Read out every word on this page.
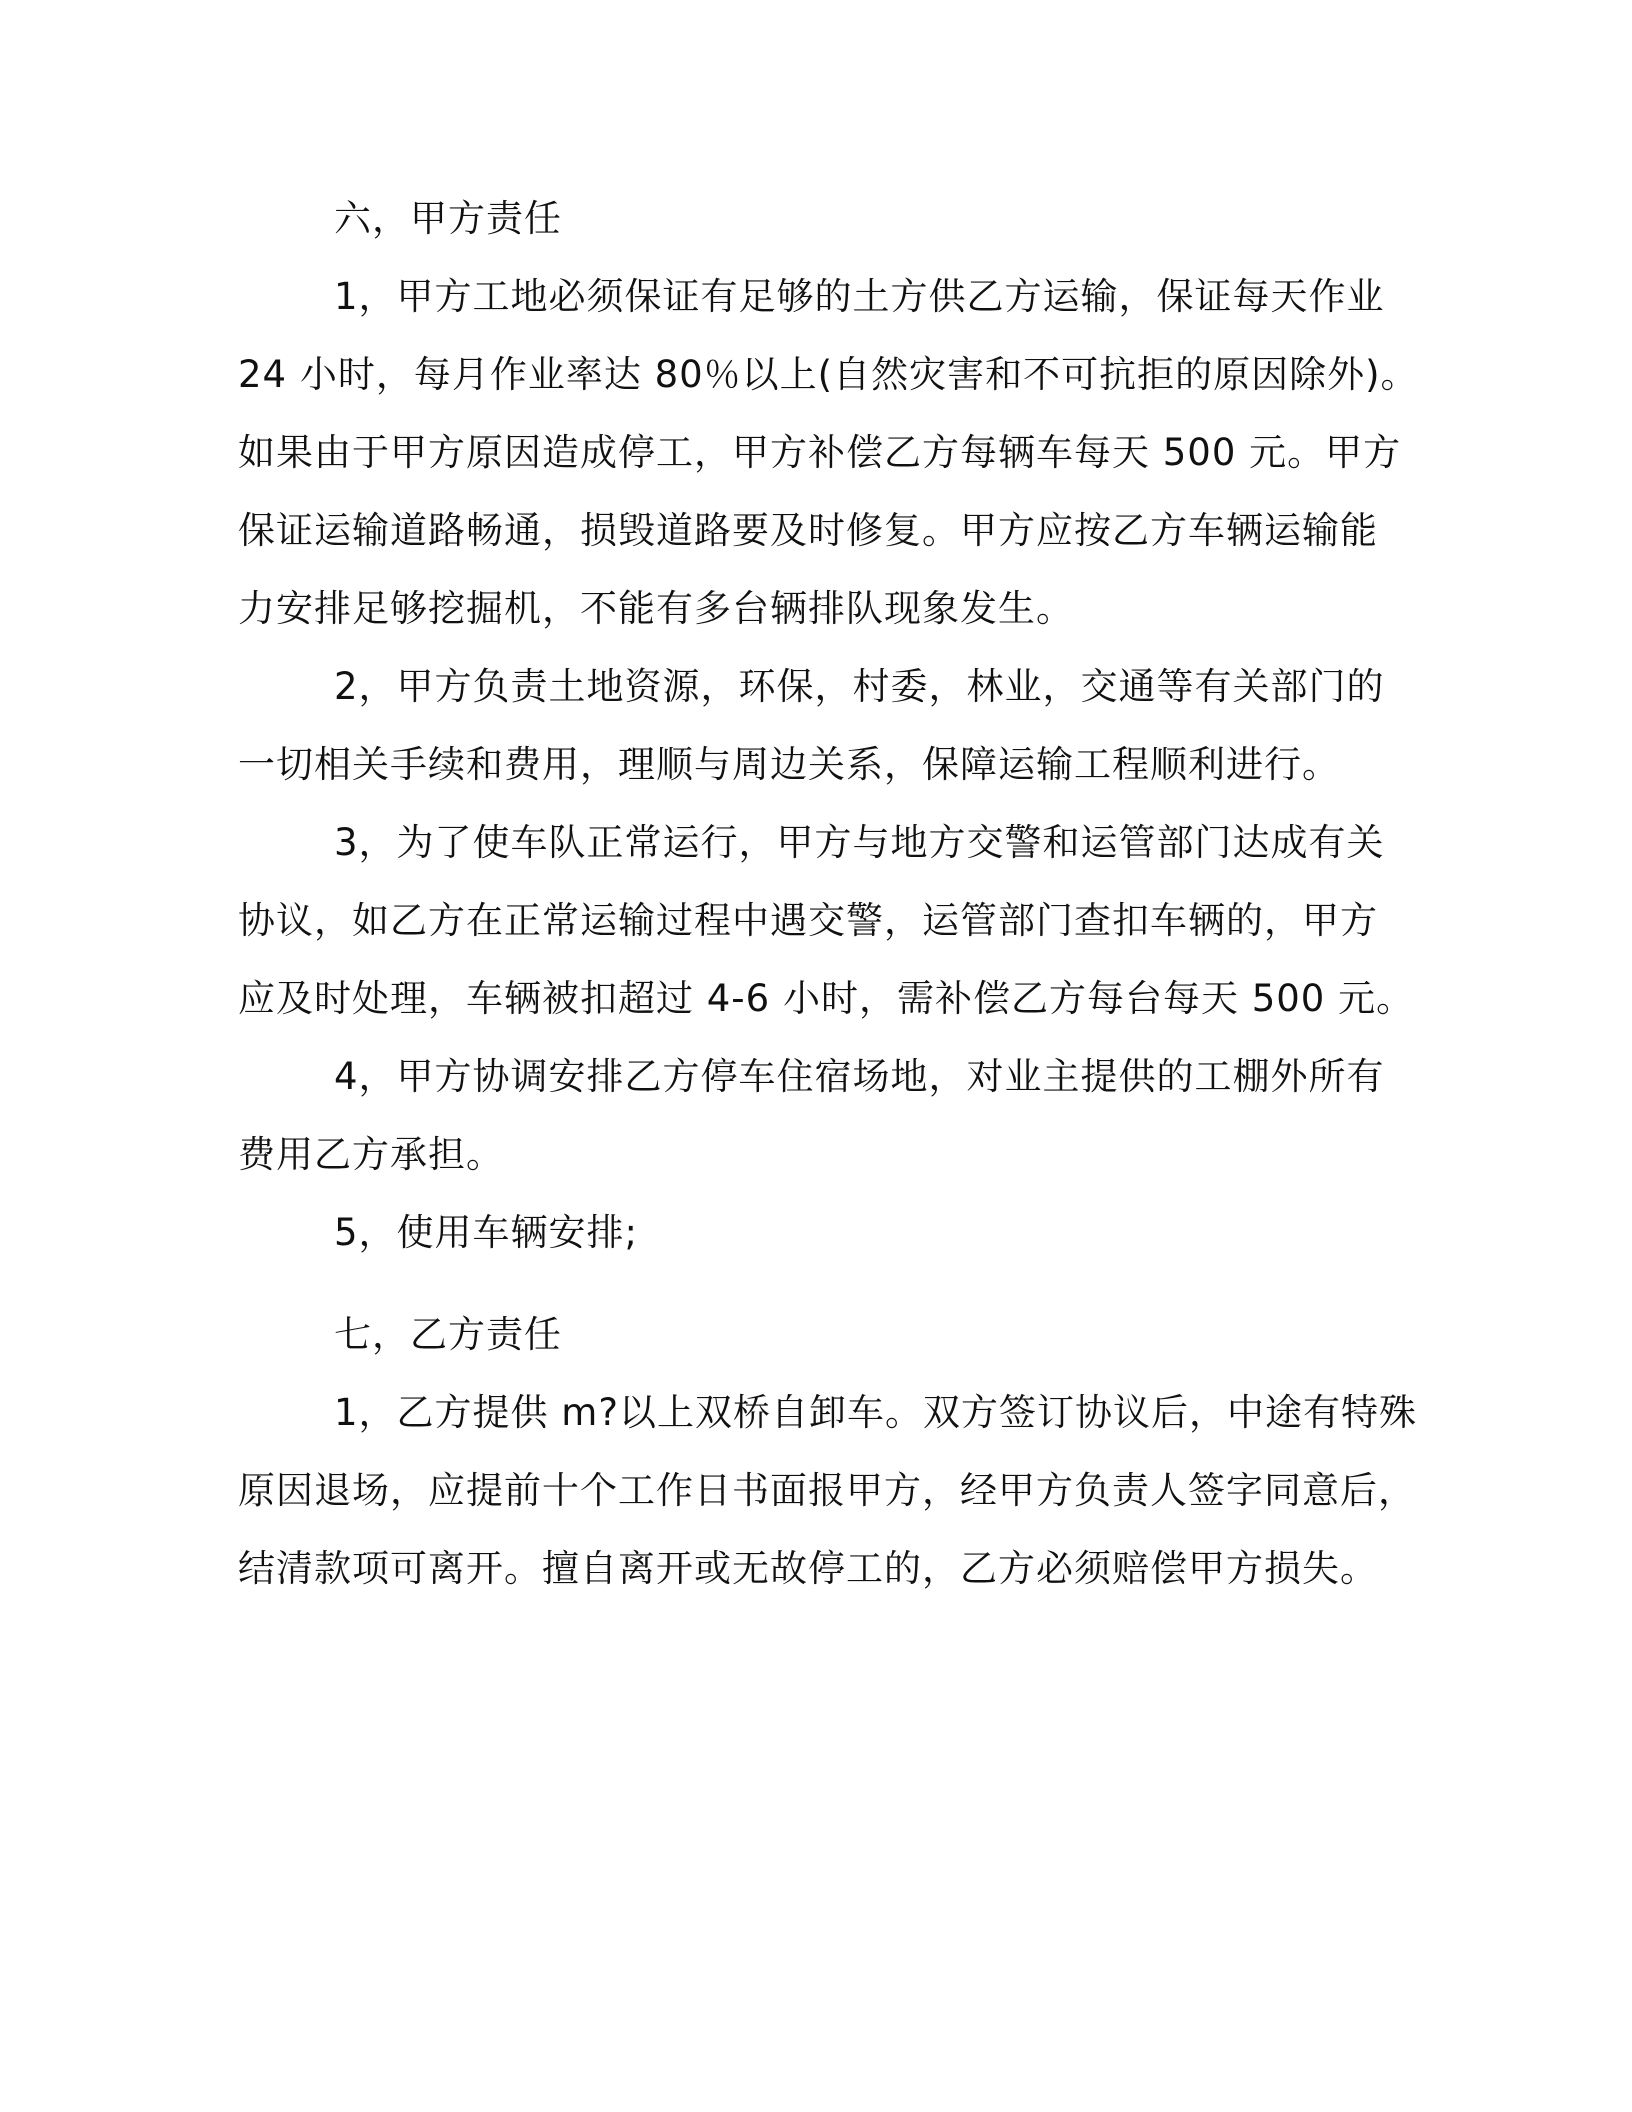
六，甲方责任
1，甲方工地必须保证有足够的土方供乙方运输，保证每天作业
24 小时，每月作业率达 80％以上(自然灾害和不可抗拒的原因除外)。
如果由于甲方原因造成停工，甲方补偿乙方每辆车每天 500 元。甲方
保证运输道路畅通，损毁道路要及时修复。甲方应按乙方车辆运输能
力安排足够挖掘机，不能有多台辆排队现象发生。
2，甲方负责土地资源，环保，村委，林业，交通等有关部门的
一切相关手续和费用，理顺与周边关系，保障运输工程顺利进行。
3，为了使车队正常运行，甲方与地方交警和运管部门达成有关
协议，如乙方在正常运输过程中遇交警，运管部门查扣车辆的，甲方
应及时处理，车辆被扣超过 4-6 小时，需补偿乙方每台每天 500 元。
4，甲方协调安排乙方停车住宿场地，对业主提供的工棚外所有
费用乙方承担。
5，使用车辆安排;
七，乙方责任
1，乙方提供 m?以上双桥自卸车。双方签订协议后，中途有特殊
原因退场，应提前十个工作日书面报甲方，经甲方负责人签字同意后，
结清款项可离开。擅自离开或无故停工的，乙方必须赔偿甲方损失。
